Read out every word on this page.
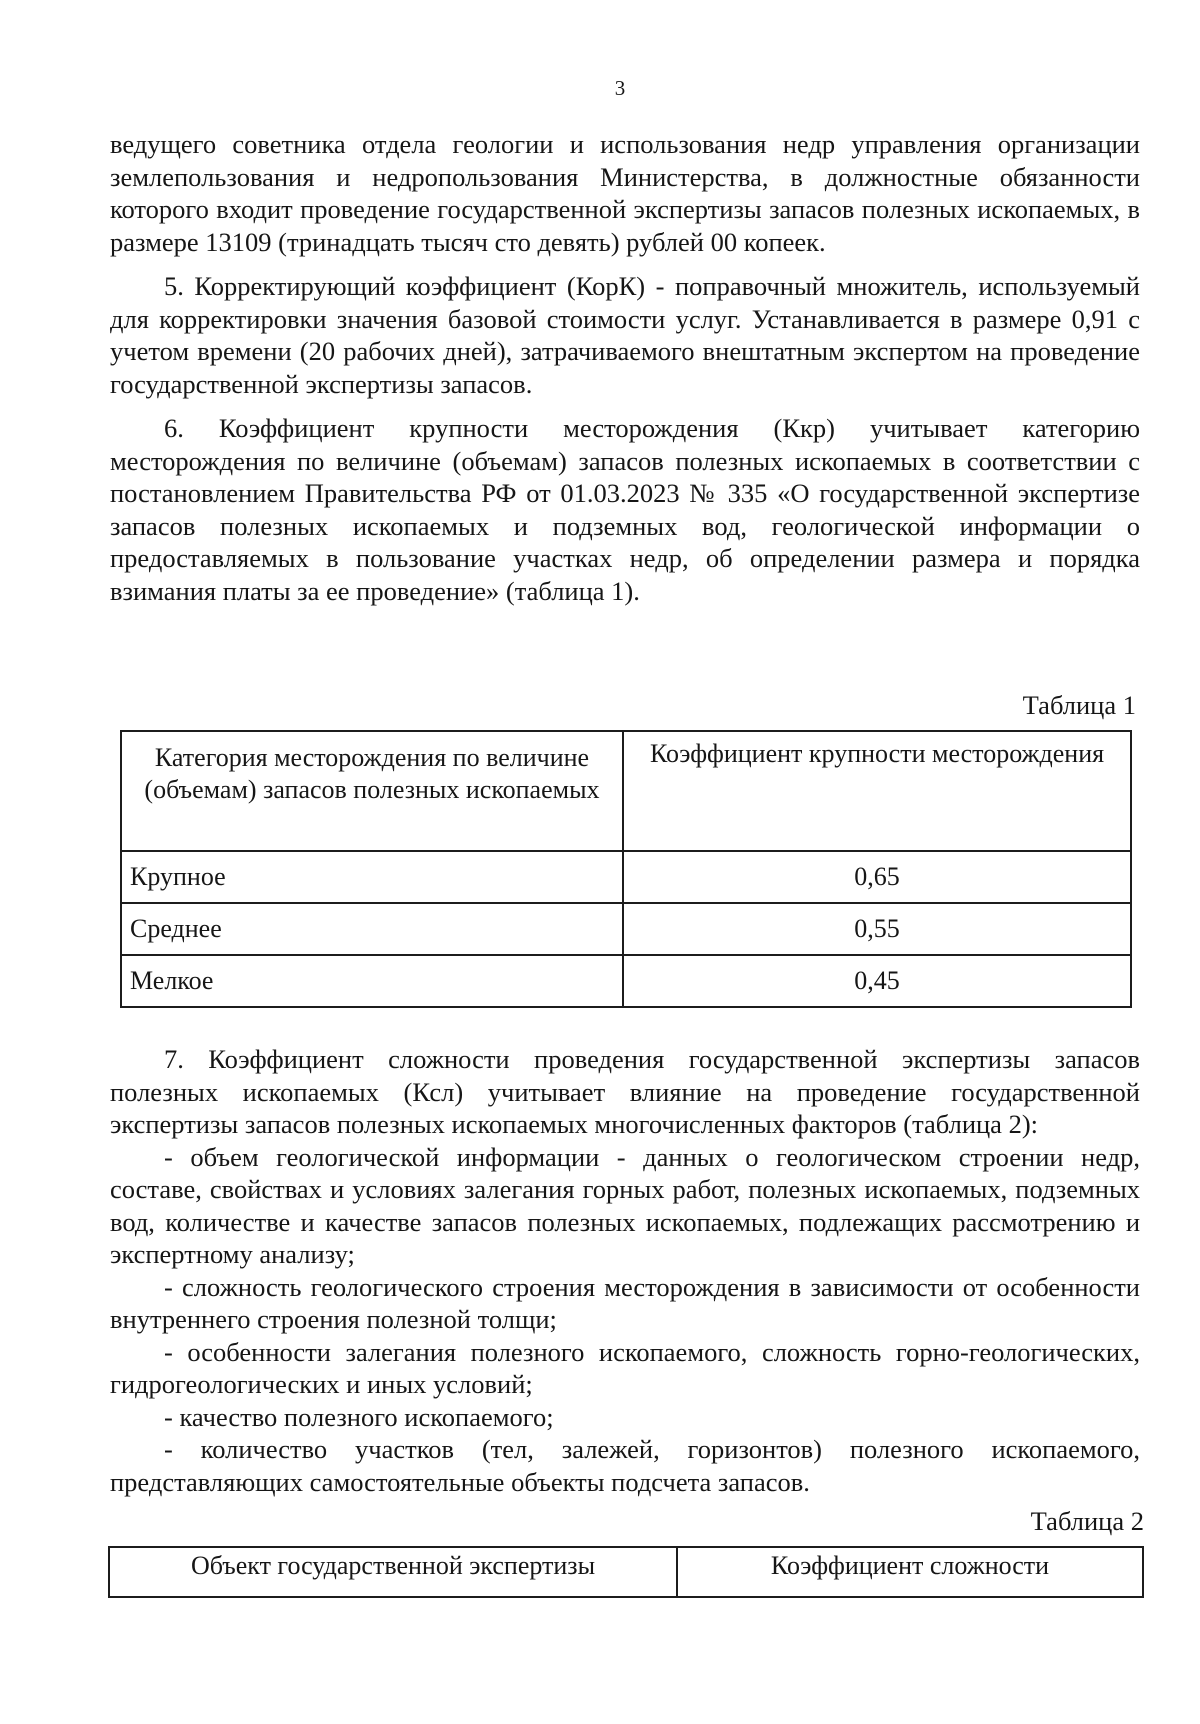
3

ведущего советника отдела геологии и использования недр управления организации землепользования и недропользования Министерства, в должностные обязанности которого входит проведение государственной экспертизы запасов полезных ископаемых, в размере 13109 (тринадцать тысяч сто девять) рублей 00 копеек.

5. Корректирующий коэффициент (КорК) - поправочный множитель, используемый для корректировки значения базовой стоимости услуг. Устанавливается в размере 0,91 с учетом времени (20 рабочих дней), затрачиваемого внештатным экспертом на проведение государственной экспертизы запасов.

6. Коэффициент крупности месторождения (Ккр) учитывает категорию месторождения по величине (объемам) запасов полезных ископаемых в соответствии с постановлением Правительства РФ от 01.03.2023 № 335 «О государственной экспертизе запасов полезных ископаемых и подземных вод, геологической информации о предоставляемых в пользование участках недр, об определении размера и порядка взимания платы за ее проведение» (таблица 1).

Таблица 1
Категория месторождения по величине (объемам) запасов полезных ископаемых	Коэффициент крупности месторождения
Крупное	0,65
Среднее	0,55
Мелкое	0,45

7. Коэффициент сложности проведения государственной экспертизы запасов полезных ископаемых (Ксл) учитывает влияние на проведение государственной экспертизы запасов полезных ископаемых многочисленных факторов (таблица 2):

- объем геологической информации - данных о геологическом строении недр, составе, свойствах и условиях залегания горных работ, полезных ископаемых, подземных вод, количестве и качестве запасов полезных ископаемых, подлежащих рассмотрению и экспертному анализу;

- сложность геологического строения месторождения в зависимости от особенности внутреннего строения полезной толщи;

- особенности залегания полезного ископаемого, сложность горно-геологических, гидрогеологических и иных условий;

- качество полезного ископаемого;

- количество участков (тел, залежей, горизонтов) полезного ископаемого, представляющих самостоятельные объекты подсчета запасов.

Таблица 2
Объект государственной экспертизы	Коэффициент сложности
